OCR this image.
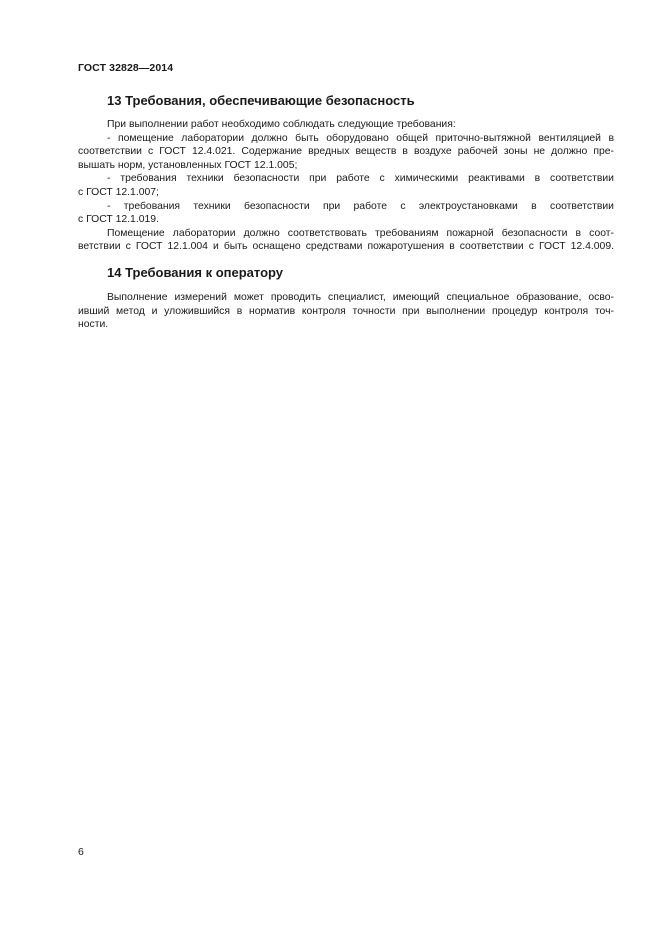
ГОСТ 32828—2014
13 Требования, обеспечивающие безопасность
При выполнении работ необходимо соблюдать следующие требования:
- помещение лаборатории должно быть оборудовано общей приточно-вытяжной вентиляцией в
соответствии с ГОСТ 12.4.021. Содержание вредных веществ в воздухе рабочей зоны не должно пре-
вышать норм, установленных ГОСТ 12.1.005;
- требования техники безопасности при работе с химическими реактивами в соответствии
с ГОСТ 12.1.007;
- требования техники безопасности при работе с электроустановками в соответствии
с ГОСТ 12.1.019.
Помещение лаборатории должно соответствовать требованиям пожарной безопасности в соот-
ветствии с ГОСТ 12.1.004 и быть оснащено средствами пожаротушения в соответствии с ГОСТ 12.4.009.
14 Требования к оператору
Выполнение измерений может проводить специалист, имеющий специальное образование, осво-
ивший метод и уложившийся в норматив контроля точности при выполнении процедур контроля точ-
ности.
6
